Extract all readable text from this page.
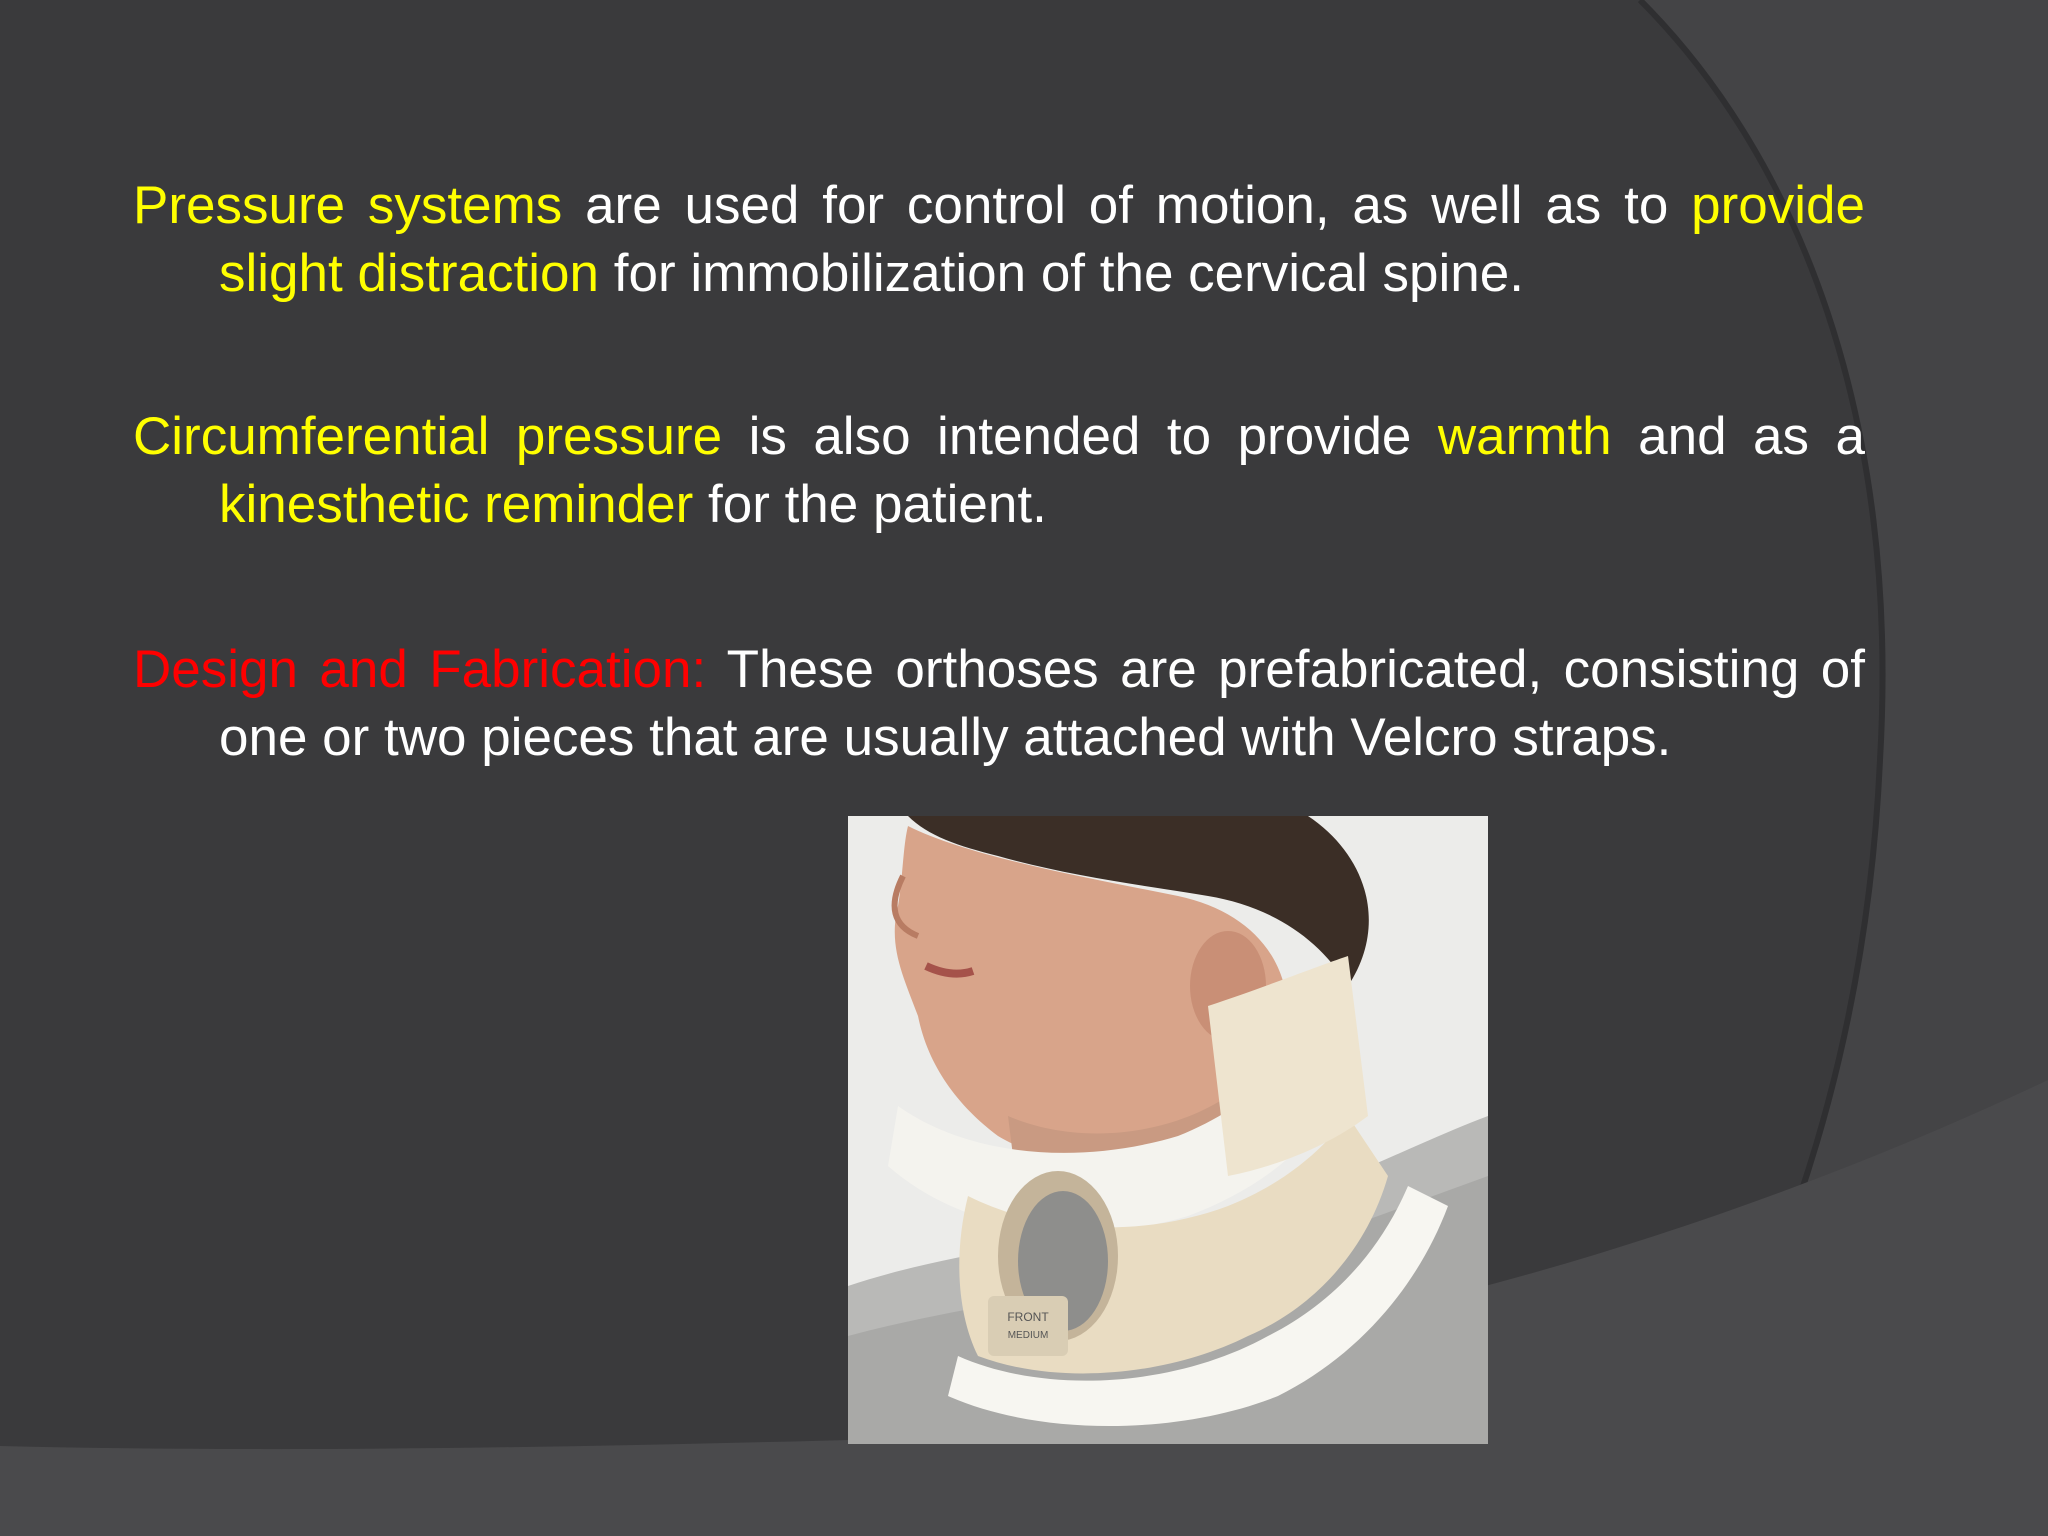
Pressure systems are used for control of motion, as well as to provide slight distraction for immobilization of the cervical spine.

Circumferential pressure is also intended to provide warmth and as a kinesthetic reminder for the patient.

Design and Fabrication: These orthoses are prefabricated, consisting of one or two pieces that are usually attached with Velcro straps.

FRONT
MEDIUM
